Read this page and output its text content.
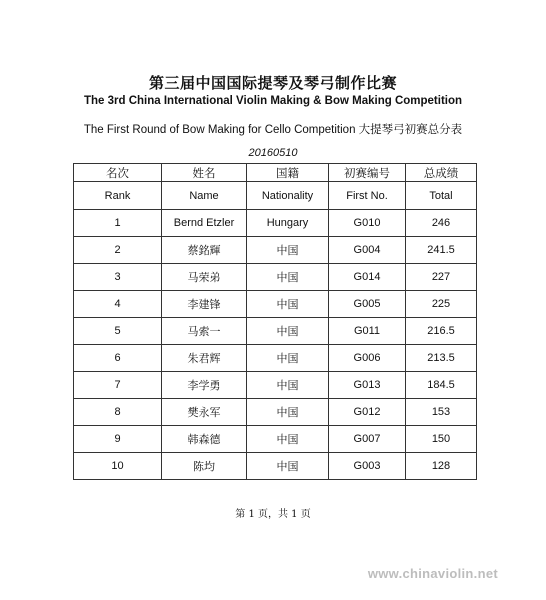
第三届中国国际提琴及琴弓制作比赛
The 3rd China International Violin Making & Bow Making Competition
The First Round of Bow Making for Cello Competition 大提琴弓初赛总分表
20160510
名次	姓名	国籍	初赛编号	总成绩
Rank	Name	Nationality	First No.	Total
1	Bernd Etzler	Hungary	G010	246
2	蔡銘輝	中国	G004	241.5
3	马荣弟	中国	G014	227
4	李建锋	中国	G005	225
5	马索一	中国	G011	216.5
6	朱君辉	中国	G006	213.5
7	李学勇	中国	G013	184.5
8	樊永军	中国	G012	153
9	韩森德	中国	G007	150
10	陈均	中国	G003	128
第 1 页，共 1 页
www.chinaviolin.net
